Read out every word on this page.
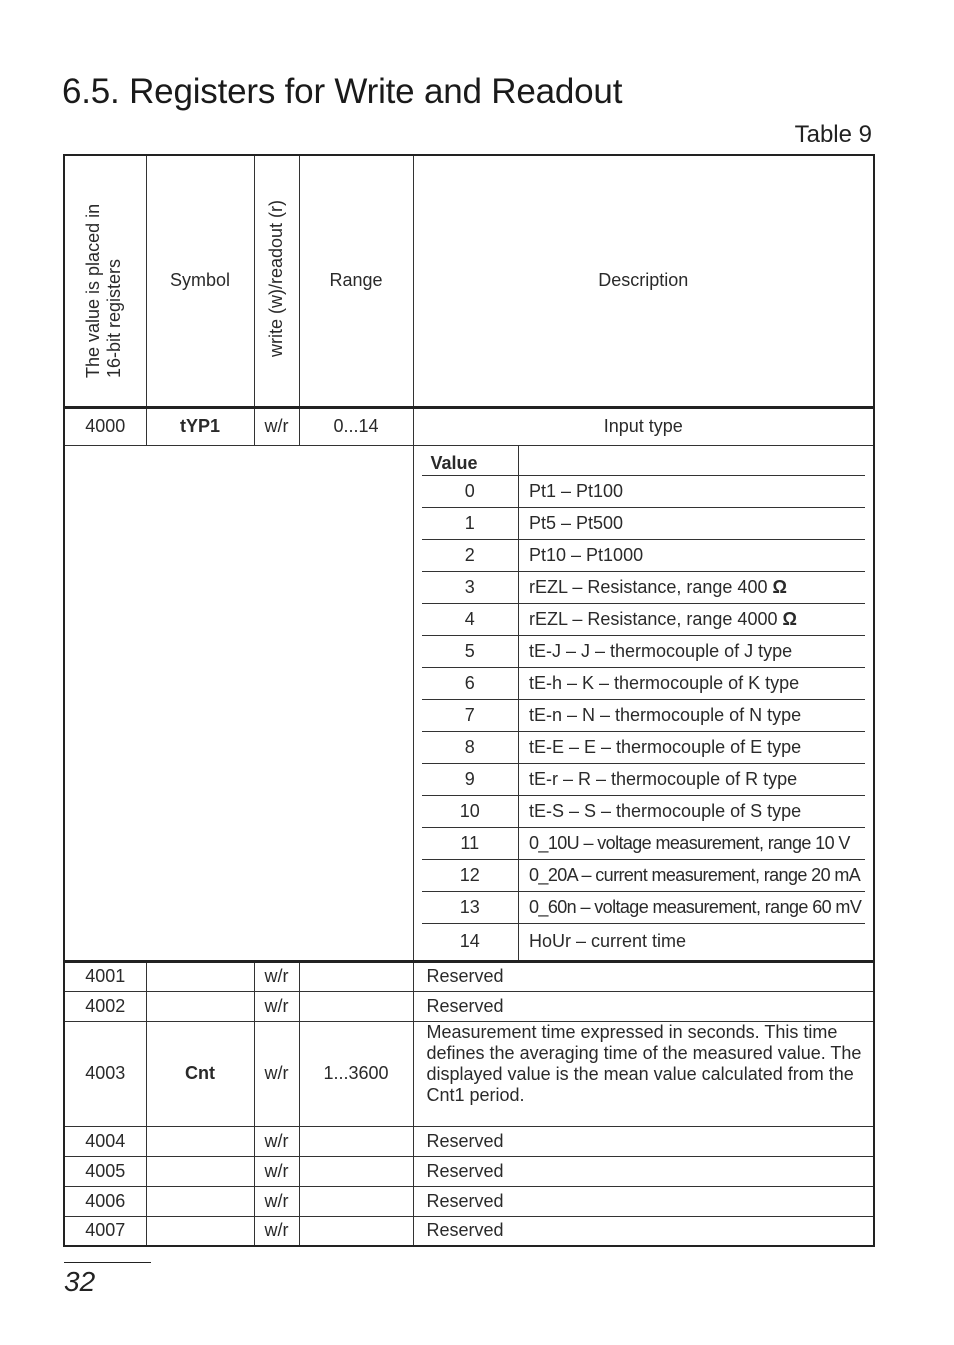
6.5. Registers for Write and Readout
Table 9
The value is placed in 16-bit registers	Symbol	write (w)/readout (r)	Range	Description
4000	tYP1	w/r	0...14	Input type

Value	
0	Pt1 – Pt100
1	Pt5 – Pt500
2	Pt10 – Pt1000
3	rEZL – Resistance, range 400 Ω
4	rEZL – Resistance, range 4000 Ω
5	tE-J – J – thermocouple of J type
6	tE-h – K – thermocouple of K type
7	tE-n – N – thermocouple of N type
8	tE-E – E – thermocouple of E type
9	tE-r – R – thermocouple of R type
10	tE-S – S – thermocouple of S type
11	0_10U – voltage measurement, range 10 V
12	0_20A – current measurement, range 20 mA
13	0_60n – voltage measurement, range 60 mV
14	HoUr – current time

4001		w/r		Reserved
4002		w/r		Reserved
4003	Cnt	w/r	1...3600	Measurement time expressed in seconds. This time defines the averaging time of the measured value. The displayed value is the mean value calculated from the Cnt1 period.
4004		w/r		Reserved
4005		w/r		Reserved
4006		w/r		Reserved
4007		w/r		Reserved
32
